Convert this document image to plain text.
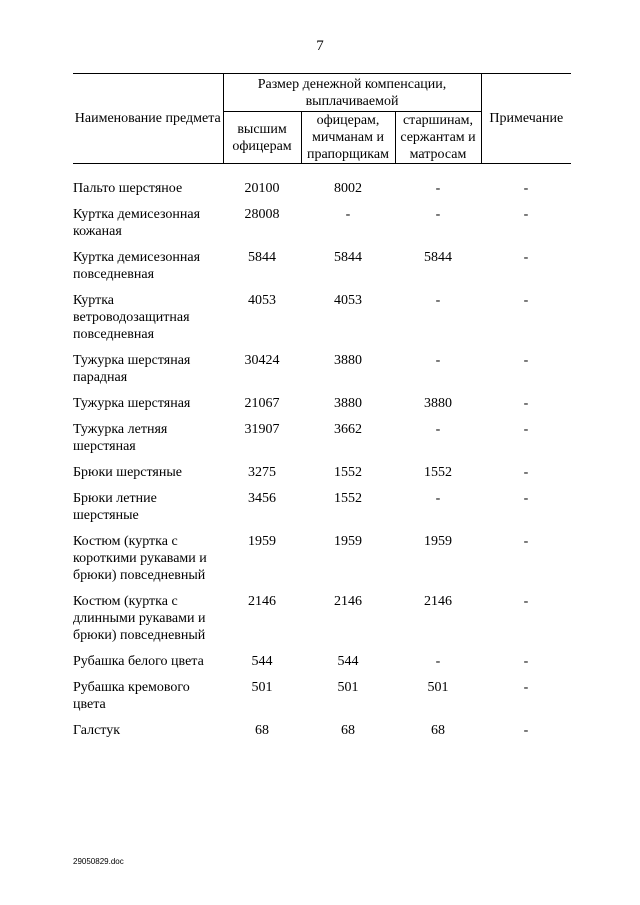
7
Наименование предмета	Размер денежной компенсации, выплачиваемой			Примечание
	высшим офицерам	офицерам, мичманам и прапорщикам	старшинам, сержантам и матросам	

Пальто шерстяное	20100	8002	-	-
Куртка демисезонная кожаная	28008	-	-	-
Куртка демисезонная повседневная	5844	5844	5844	-
Куртка ветроводозащитная повседневная	4053	4053	-	-
Тужурка шерстяная парадная	30424	3880	-	-
Тужурка шерстяная	21067	3880	3880	-
Тужурка летняя шерстяная	31907	3662	-	-
Брюки шерстяные	3275	1552	1552	-
Брюки летние шерстяные	3456	1552	-	-
Костюм (куртка с короткими рукавами и брюки) повседневный	1959	1959	1959	-
Костюм (куртка с длинными рукавами и брюки) повседневный	2146	2146	2146	-
Рубашка белого цвета	544	544	-	-
Рубашка кремового цвета	501	501	501	-
Галстук	68	68	68	-
29050829.doc
